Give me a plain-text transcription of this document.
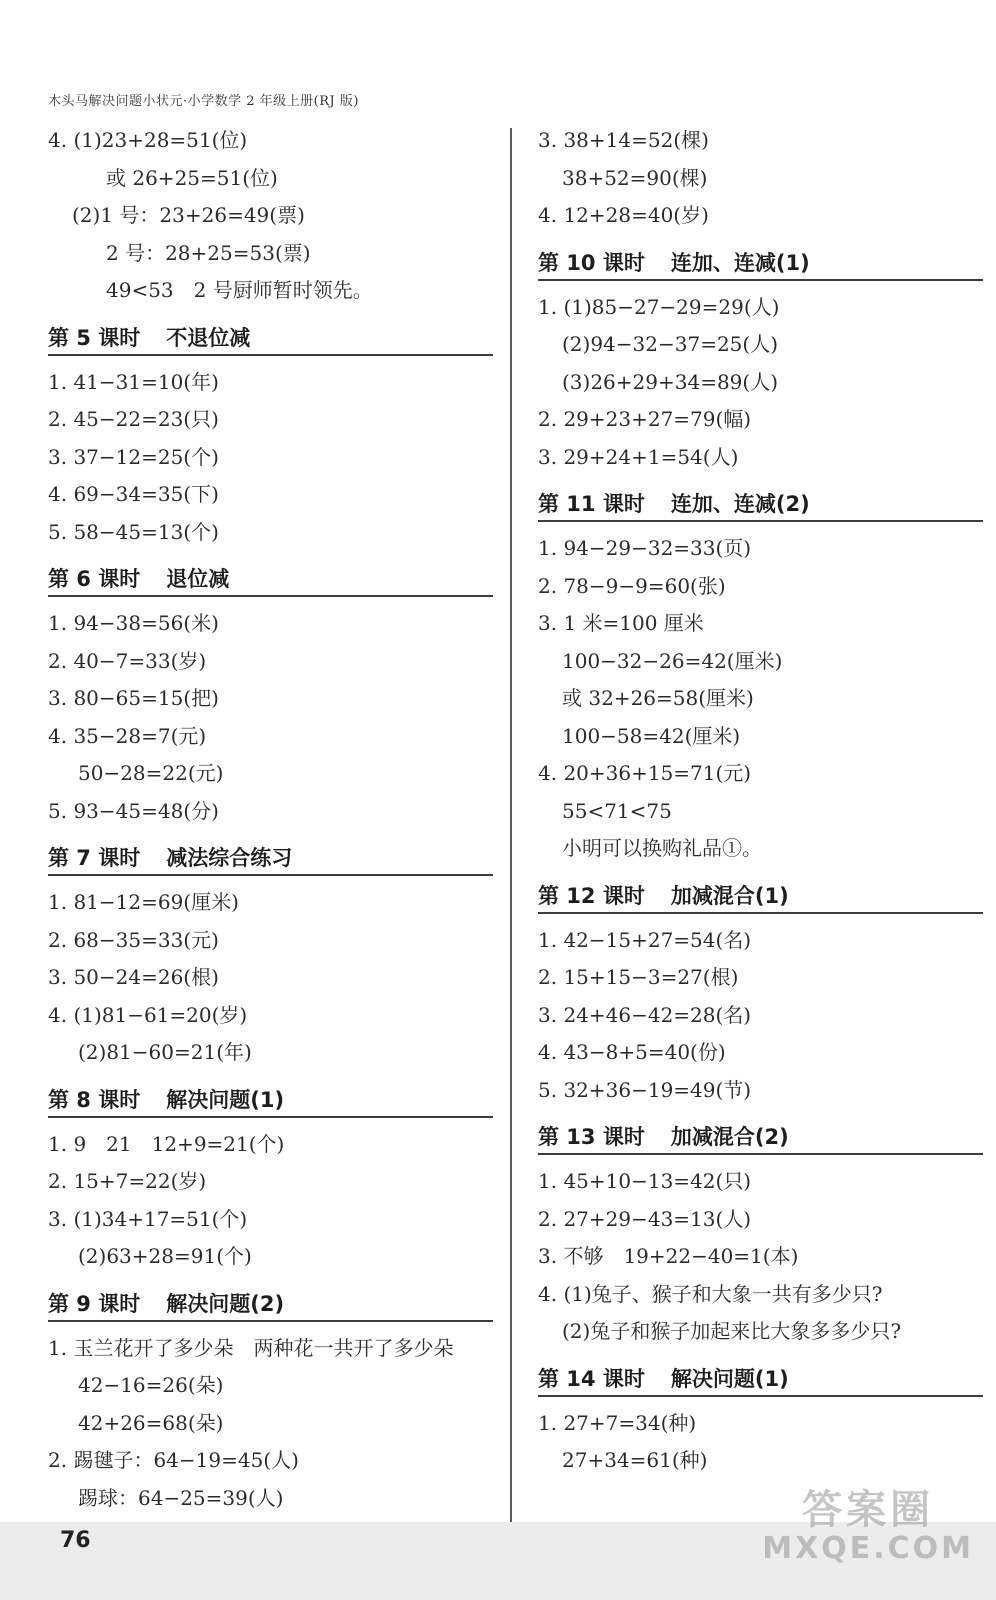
木头马解决问题小状元·小学数学 2 年级上册(RJ 版)
4. (1)23+28=51(位)
或 26+25=51(位)
(2)1 号：23+26=49(票)
2 号：28+25=53(票)
49<53　2 号厨师暂时领先。
第 5 课时 不退位减
1. 41−31=10(年)
2. 45−22=23(只)
3. 37−12=25(个)
4. 69−34=35(下)
5. 58−45=13(个)
第 6 课时 退位减
1. 94−38=56(米)
2. 40−7=33(岁)
3. 80−65=15(把)
4. 35−28=7(元)
50−28=22(元)
5. 93−45=48(分)
第 7 课时 减法综合练习
1. 81−12=69(厘米)
2. 68−35=33(元)
3. 50−24=26(根)
4. (1)81−61=20(岁)
(2)81−60=21(年)
第 8 课时 解决问题(1)
1. 9　21　12+9=21(个)
2. 15+7=22(岁)
3. (1)34+17=51(个)
(2)63+28=91(个)
第 9 课时 解决问题(2)
1. 玉兰花开了多少朵　两种花一共开了多少朵
42−16=26(朵)
42+26=68(朵)
2. 踢毽子：64−19=45(人)
踢球：64−25=39(人)
3. 38+14=52(棵)
38+52=90(棵)
4. 12+28=40(岁)
第 10 课时 连加、连减(1)
1. (1)85−27−29=29(人)
(2)94−32−37=25(人)
(3)26+29+34=89(人)
2. 29+23+27=79(幅)
3. 29+24+1=54(人)
第 11 课时 连加、连减(2)
1. 94−29−32=33(页)
2. 78−9−9=60(张)
3. 1 米=100 厘米
100−32−26=42(厘米)
或 32+26=58(厘米)
100−58=42(厘米)
4. 20+36+15=71(元)
55<71<75
小明可以换购礼品①。
第 12 课时 加减混合(1)
1. 42−15+27=54(名)
2. 15+15−3=27(根)
3. 24+46−42=28(名)
4. 43−8+5=40(份)
5. 32+36−19=49(节)
第 13 课时 加减混合(2)
1. 45+10−13=42(只)
2. 27+29−43=13(人)
3. 不够　19+22−40=1(本)
4. (1)兔子、猴子和大象一共有多少只?
(2)兔子和猴子加起来比大象多多少只?
第 14 课时 解决问题(1)
1. 27+7=34(种)
27+34=61(种)
76
答案圈
MXQE.COM
